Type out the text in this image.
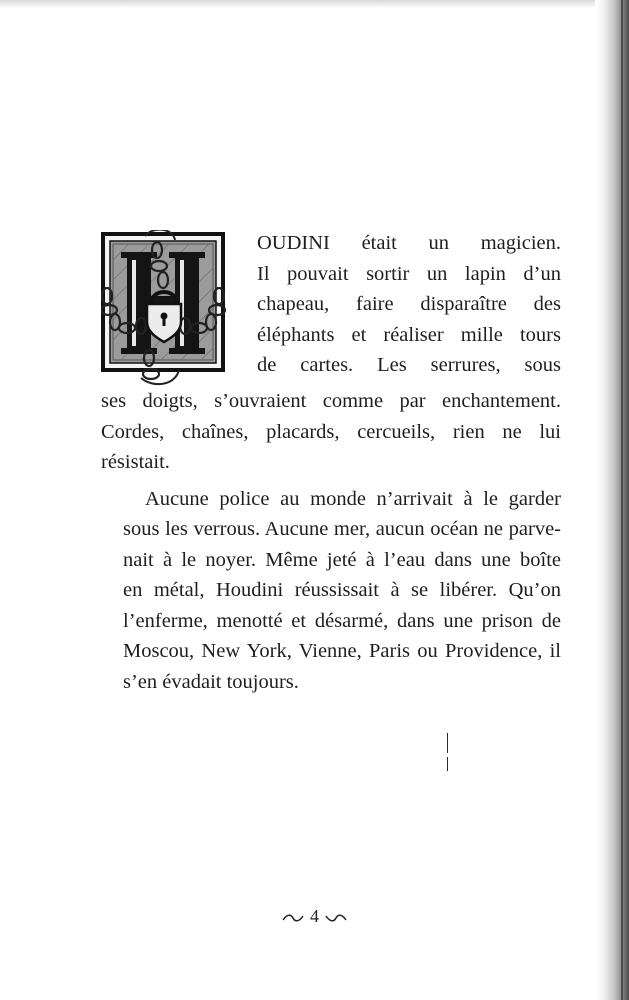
OUDINI était un magicien.
Il pouvait sortir un lapin d’un
chapeau, faire disparaître des
éléphants et réaliser mille tours
de cartes. Les serrures, sous
ses doigts, s’ouvraient comme par enchantement.
Cordes, chaînes, placards, cercueils, rien ne lui
résistait.

Aucune police au monde n’arrivait à le garder
sous les verrous. Aucune mer, aucun océan ne parve-
nait à le noyer. Même jeté à l’eau dans une boîte
en métal, Houdini réussissait à se libérer. Qu’on
l’enferme, menotté et désarmé, dans une prison de
Moscou, New York, Vienne, Paris ou Providence, il
s’en évadait toujours.

4
